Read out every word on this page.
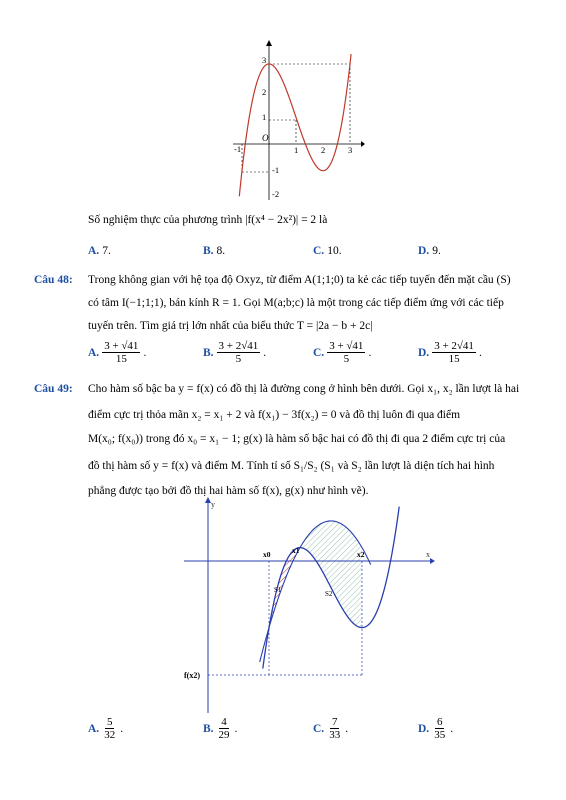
O
-1	1	2	3
3
2
1
-1
-2
Số nghiệm thực của phương trình |f(x⁴ − 2x²)| = 2 là
A. 7.	B. 8.	C. 10.	D. 9.
Câu 48: Trong không gian với hệ tọa độ Oxyz, từ điểm A(1;1;0) ta kẻ các tiếp tuyến đến mặt cầu (S)
có tâm I(−1;1;1), bán kính R = 1. Gọi M(a;b;c) là một trong các tiếp điểm ứng với các tiếp
tuyến trên. Tìm giá trị lớn nhất của biểu thức T = |2a − b + 2c|
A. $\frac{3 + √41}{15}$ .	B. $\frac{3 + 2√41}{5}$ .	C. $\frac{3 + √41}{5}$ .	D. $\frac{3 + 2√41}{15}$ .
Câu 49: Cho hàm số bậc ba y = f(x) có đồ thị là đường cong ở hình bên dưới. Gọi x₁, x₂ lần lượt là hai
điểm cực trị thỏa mãn x₂ = x₁ + 2 và f(x₁) − 3f(x₂) = 0 và đồ thị luôn đi qua điểm
M(x₀; f(x₀)) trong đó x₀ = x₁ − 1; g(x) là hàm số bậc hai có đồ thị đi qua 2 điểm cực trị của
đồ thị hàm số y = f(x) và điểm M. Tính tỉ số S₁/S₂ (S₁ và S₂ lần lượt là diện tích hai hình
phẳng được tạo bởi đồ thị hai hàm số f(x), g(x) như hình vẽ).
y
x
x0	x1	x2
S1	S2
f(x2)
A. $\frac{5}{32}$ .	B. $\frac{4}{29}$ .	C. $\frac{7}{33}$ .	D. $\frac{6}{35}$ .
